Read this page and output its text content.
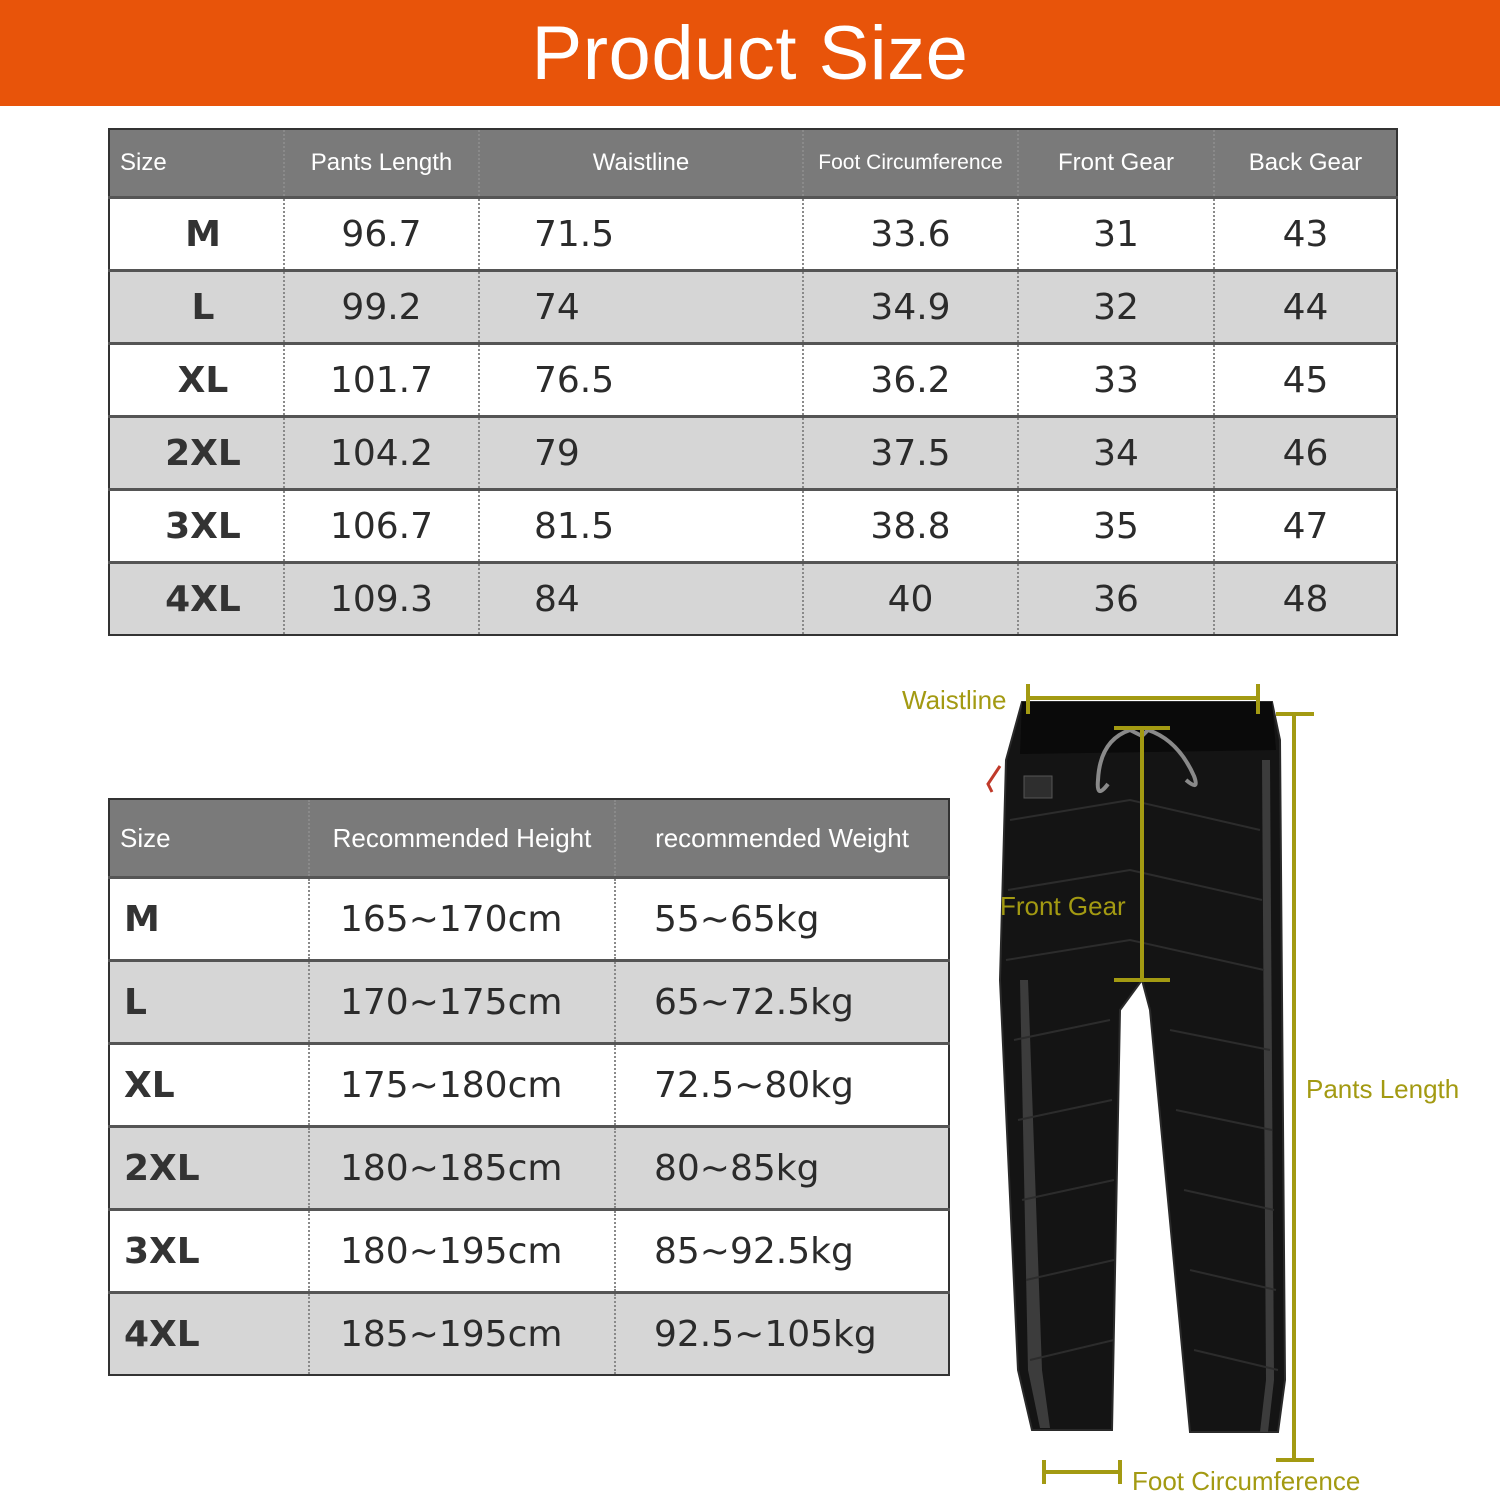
Product Size
Size	Pants Length	Waistline	Foot Circumference	Front Gear	Back Gear
M	96.7	71.5	33.6	31	43
L	99.2	74	34.9	32	44
XL	101.7	76.5	36.2	33	45
2XL	104.2	79	37.5	34	46
3XL	106.7	81.5	38.8	35	47
4XL	109.3	84	40	36	48
Size	Recommended Height	recommended Weight
M	165~170cm	55~65kg
L	170~175cm	65~72.5kg
XL	175~180cm	72.5~80kg
2XL	180~185cm	80~85kg
3XL	180~195cm	85~92.5kg
4XL	185~195cm	92.5~105kg
Waistline
Front Gear
Pants Length
Foot Circumference
